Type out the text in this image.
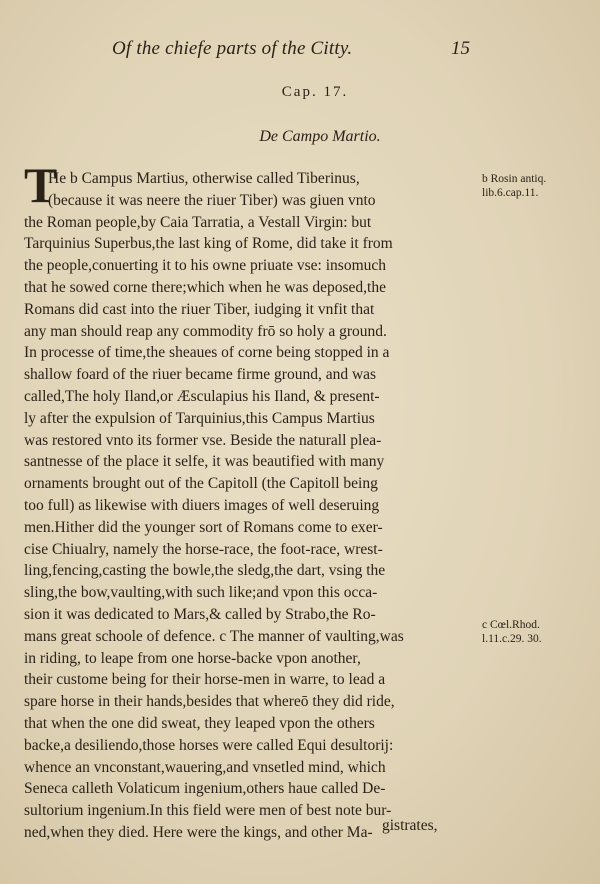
Of the chiefe parts of the Citty.	15
Cap. 17.
De Campo Martio.
T
He b Campus Martius, otherwise called Tiberinus,
(because it was neere the riuer Tiber) was giuen vnto
the Roman people,by Caia Tarratia, a Vestall Virgin: but
Tarquinius Superbus,the last king of Rome, did take it from
the people,conuerting it to his owne priuate vse: insomuch
that he sowed corne there;which when he was deposed,the
Romans did cast into the riuer Tiber, iudging it vnfit that
any man should reap any commodity frō so holy a ground.
In processe of time,the sheaues of corne being stopped in a
shallow foard of the riuer became firme ground, and was
called,The holy Iland,or Æsculapius his Iland, & present-
ly after the expulsion of Tarquinius,this Campus Martius
was restored vnto its former vse. Beside the naturall plea-
santnesse of the place it selfe, it was beautified with many
ornaments brought out of the Capitoll (the Capitoll being
too full) as likewise with diuers images of well deseruing
men.Hither did the younger sort of Romans come to exer-
cise Chiualry, namely the horse-race, the foot-race, wrest-
ling,fencing,casting the bowle,the sledg,the dart, vsing the
sling,the bow,vaulting,with such like;and vpon this occa-
sion it was dedicated to Mars,& called by Strabo,the Ro-
mans great schoole of defence. c The manner of vaulting,was
in riding, to leape from one horse-backe vpon another,
their custome being for their horse-men in warre, to lead a
spare horse in their hands,besides that whereō they did ride,
that when the one did sweat, they leaped vpon the others
backe,a desiliendo,those horses were called Equi desultorij:
whence an vnconstant,wauering,and vnsetled mind, which
Seneca calleth Volaticum ingenium,others haue called De-
sultorium ingenium.In this field were men of best note bur-
ned,when they died. Here were the kings, and other Ma- gistrates,
b Rosin antiq.
lib.6.cap.11.
c Cœl.Rhod.
l.11.c.29. 30.
